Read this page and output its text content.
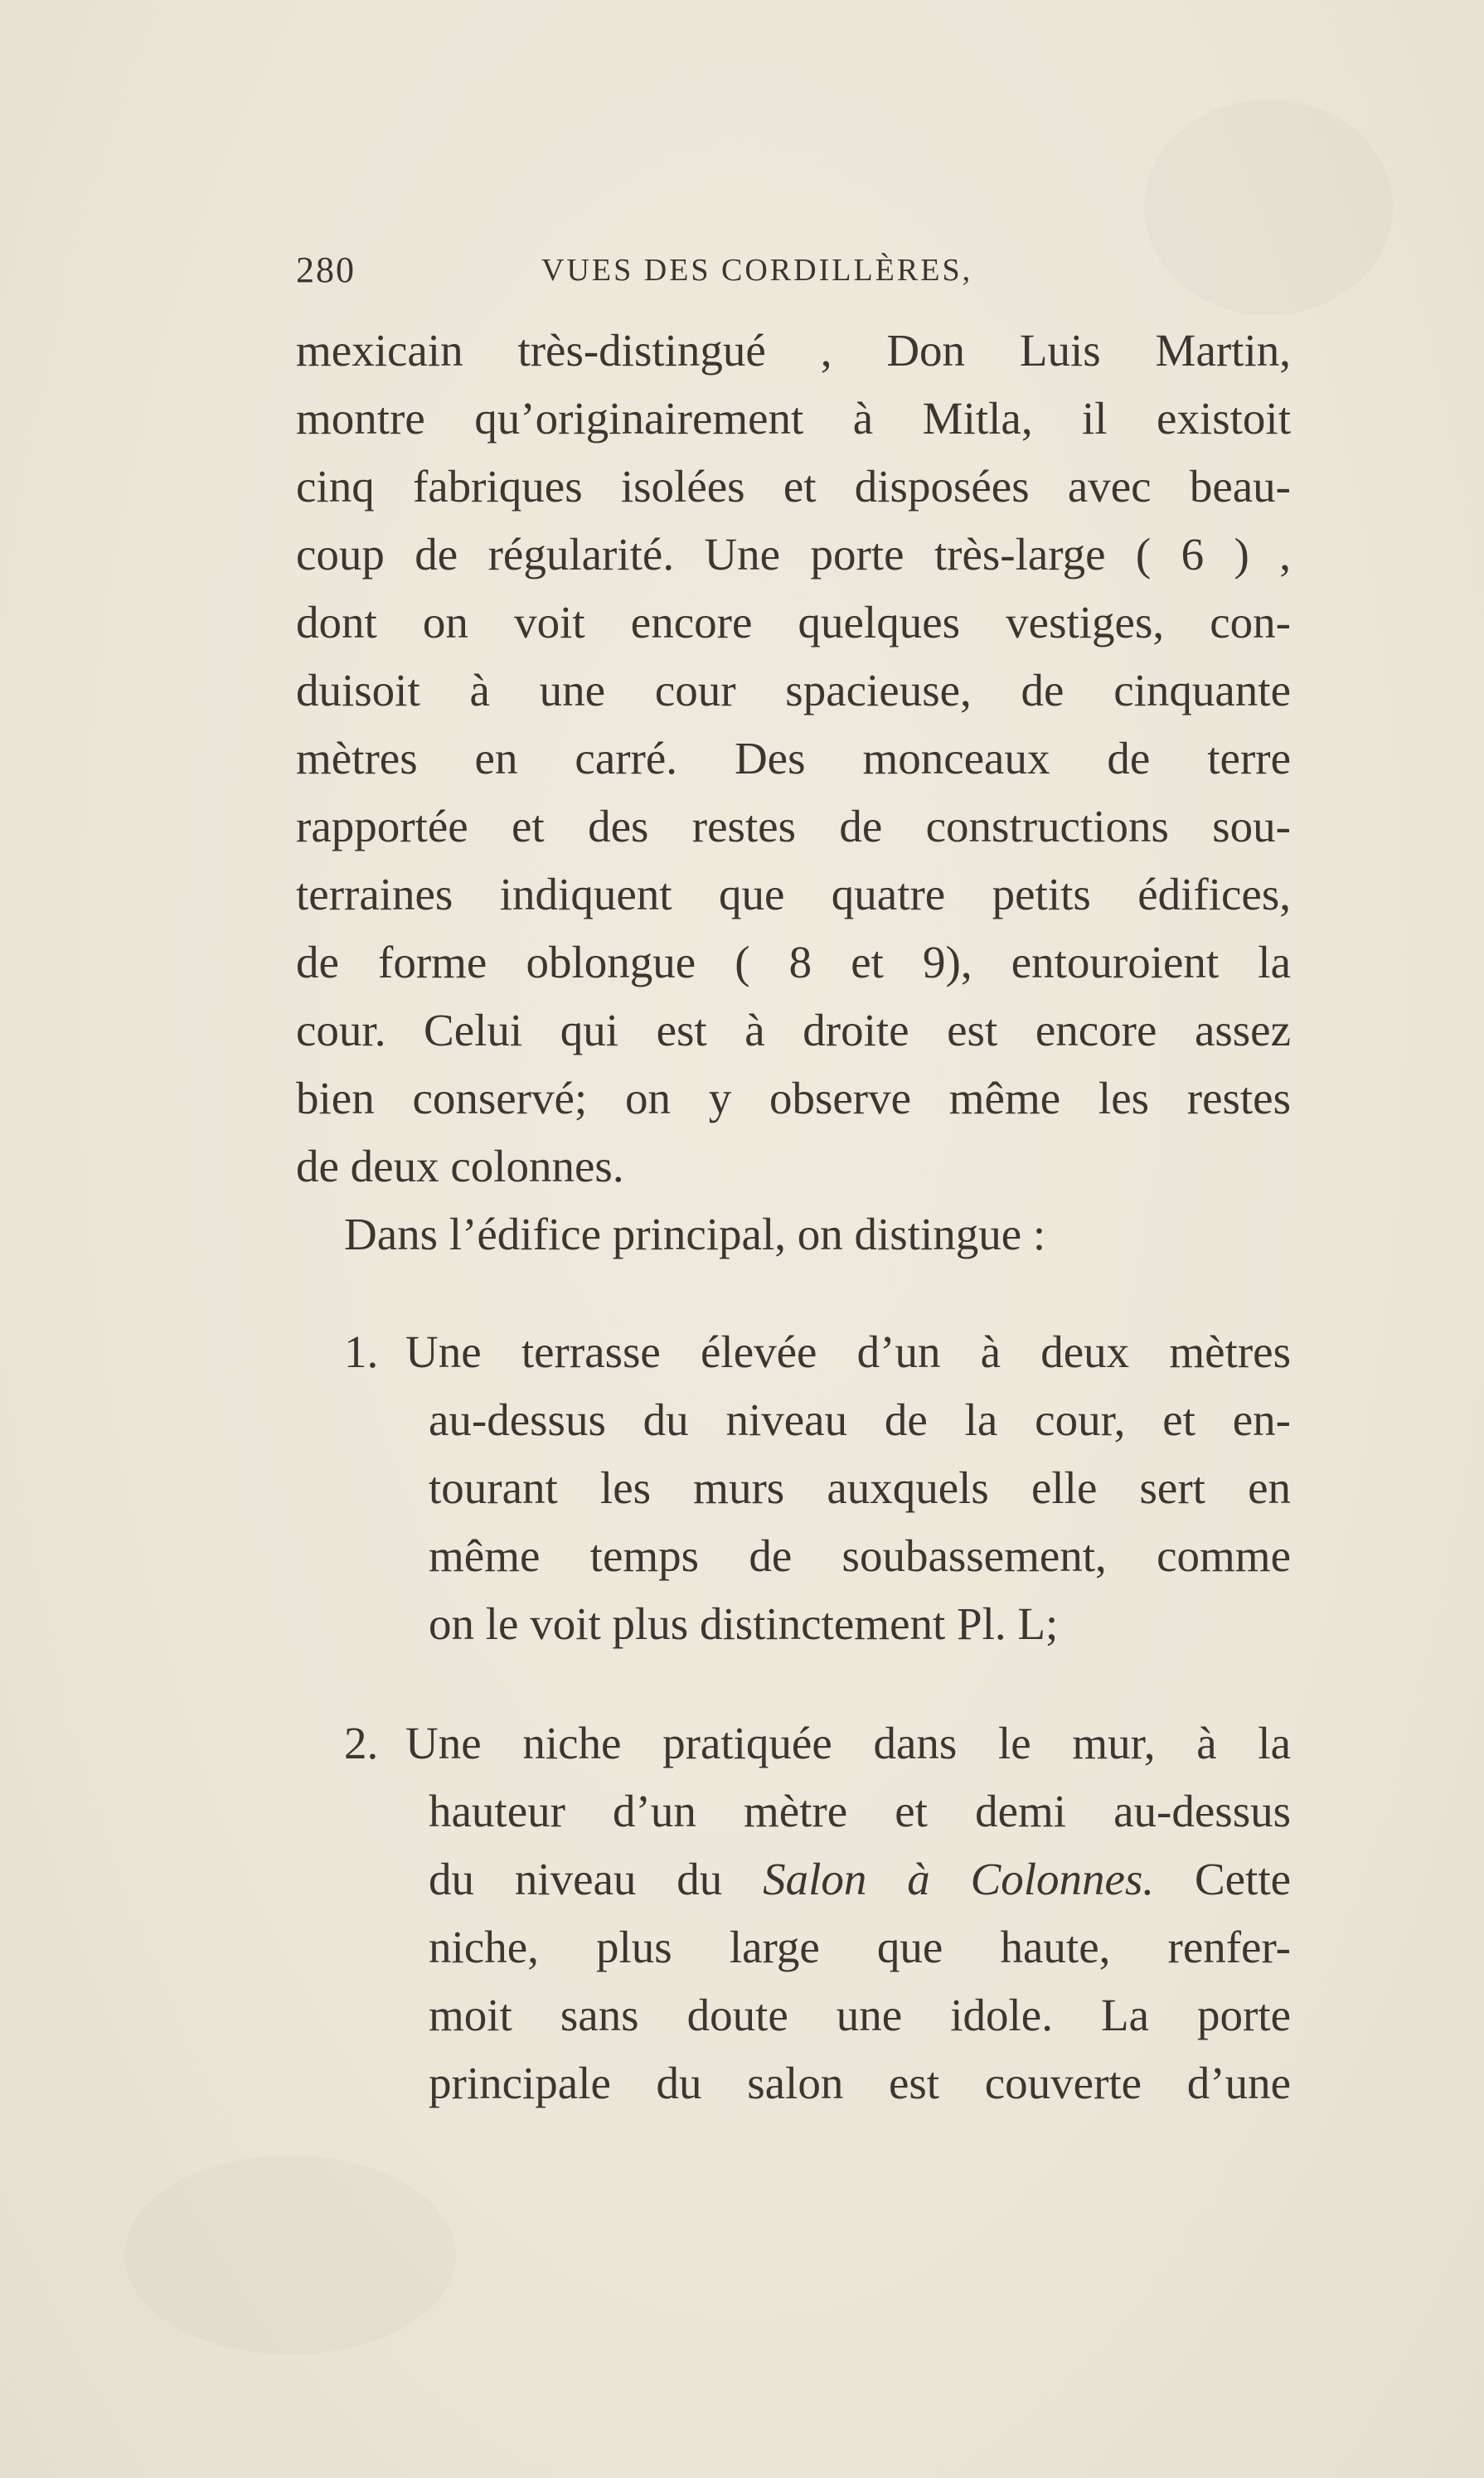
280	VUES DES CORDILLÈRES,
mexicain très-distingué , Don Luis Martin,
montre qu’originairement à Mitla, il existoit
cinq fabriques isolées et disposées avec beau-
coup de régularité. Une porte très-large ( 6 ) ,
dont on voit encore quelques vestiges, con-
duisoit à une cour spacieuse, de cinquante
mètres en carré. Des monceaux de terre
rapportée et des restes de constructions sou-
terraines indiquent que quatre petits édifices,
de forme oblongue ( 8 et 9), entouroient la
cour. Celui qui est à droite est encore assez
bien conservé; on y observe même les restes
de deux colonnes.
Dans l’édifice principal, on distingue :
1. Une terrasse élevée d’un à deux mètres
au-dessus du niveau de la cour, et en-
tourant les murs auxquels elle sert en
même temps de soubassement, comme
on le voit plus distinctement Pl. L;
2. Une niche pratiquée dans le mur, à la
hauteur d’un mètre et demi au-dessus
du niveau du Salon à Colonnes. Cette
niche, plus large que haute, renfer-
moit sans doute une idole. La porte
principale du salon est couverte d’une
